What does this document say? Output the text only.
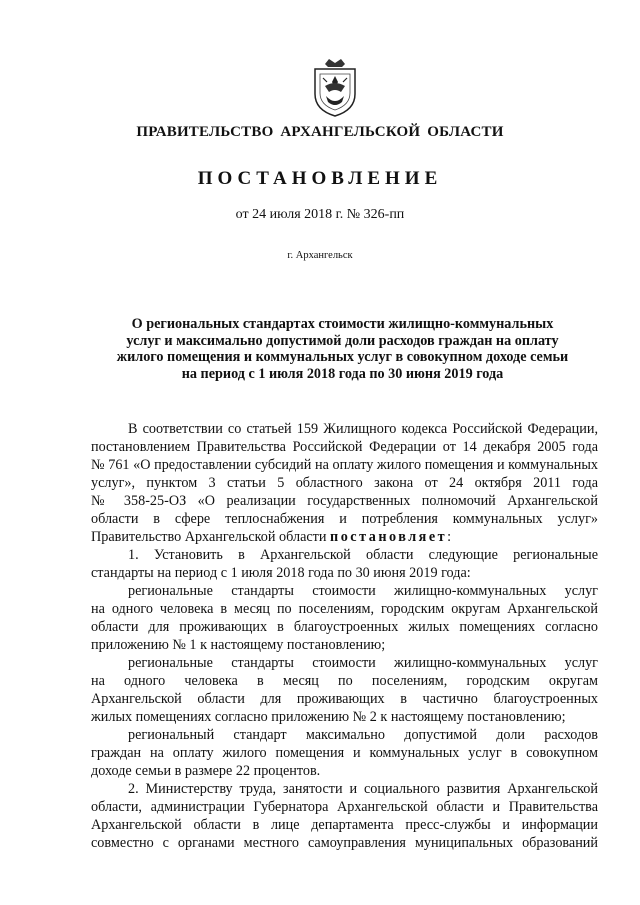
ПРАВИТЕЛЬСТВО АРХАНГЕЛЬСКОЙ ОБЛАСТИ
ПОСТАНОВЛЕНИЕ
от 24 июля 2018 г. № 326-пп
г. Архангельск
О региональных стандартах стоимости жилищно-коммунальных
услуг и максимально допустимой доли расходов граждан на оплату
жилого помещения и коммунальных услуг в совокупном доходе семьи
на период с 1 июля 2018 года по 30 июня 2019 года
В соответствии со статьей 159 Жилищного кодекса Российской Федерации,
постановлением Правительства Российской Федерации от 14 декабря 2005 года
№ 761 «О предоставлении субсидий на оплату жилого помещения и коммунальных
услуг», пунктом 3 статьи 5 областного закона от 24 октября 2011 года
№ 358-25-ОЗ «О реализации государственных полномочий Архангельской
области в сфере теплоснабжения и потребления коммунальных услуг»
Правительство Архангельской области постановляет:
1. Установить в Архангельской области следующие региональные
стандарты на период с 1 июля 2018 года по 30 июня 2019 года:
региональные стандарты стоимости жилищно-коммунальных услуг
на одного человека в месяц по поселениям, городским округам Архангельской
области для проживающих в благоустроенных жилых помещениях согласно
приложению № 1 к настоящему постановлению;
региональные стандарты стоимости жилищно-коммунальных услуг
на одного человека в месяц по поселениям, городским округам
Архангельской области для проживающих в частично благоустроенных
жилых помещениях согласно приложению № 2 к настоящему постановлению;
региональный стандарт максимально допустимой доли расходов
граждан на оплату жилого помещения и коммунальных услуг в совокупном
доходе семьи в размере 22 процентов.
2. Министерству труда, занятости и социального развития Архангельской
области, администрации Губернатора Архангельской области и Правительства
Архангельской области в лице департамента пресс-службы и информации
совместно с органами местного самоуправления муниципальных образований
